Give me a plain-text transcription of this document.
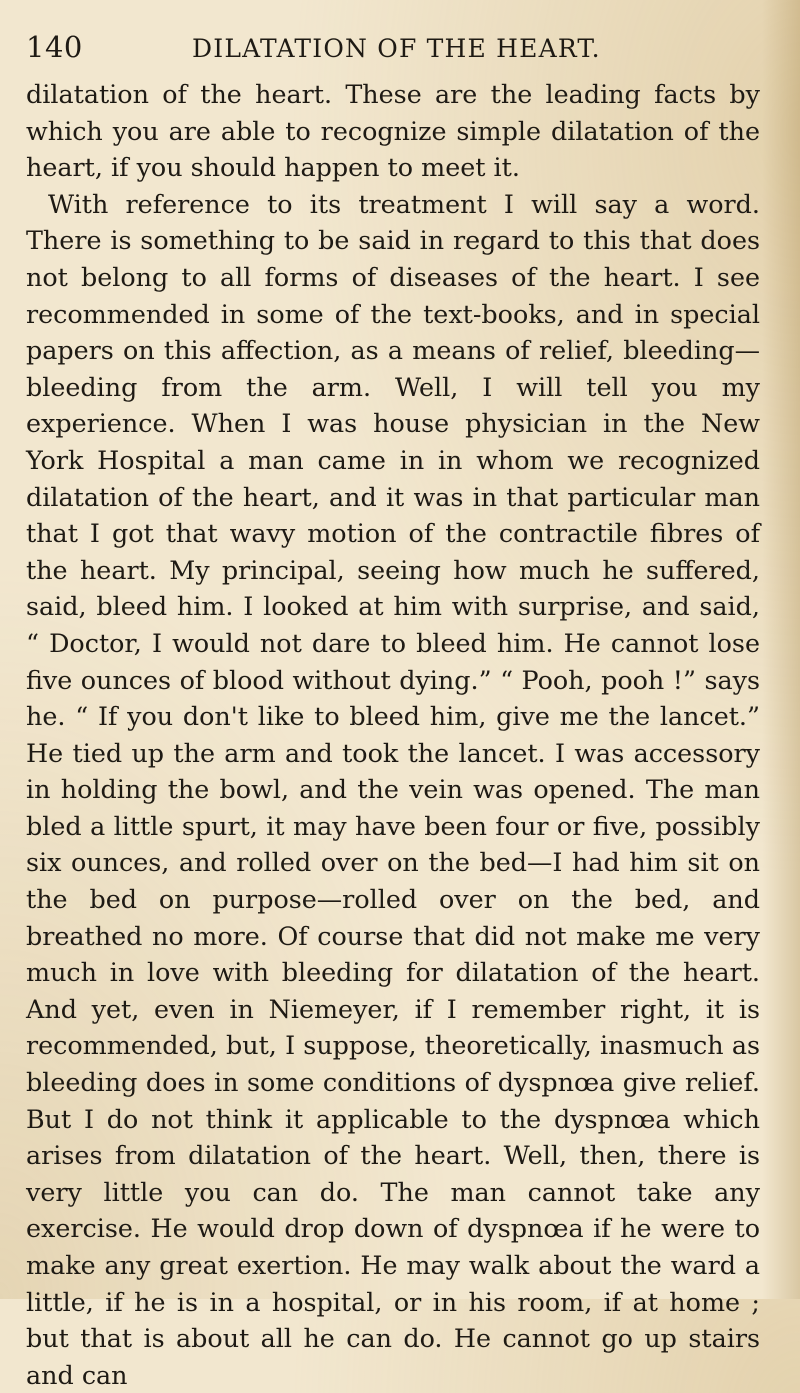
140	DILATATION OF THE HEART.

dilatation of the heart. These are the leading facts by which you are able to recognize simple dilatation of the heart, if you should happen to meet it.

With reference to its treatment I will say a word. There is something to be said in regard to this that does not belong to all forms of diseases of the heart. I see recommended in some of the text-books, and in special papers on this affection, as a means of relief, bleeding—bleeding from the arm. Well, I will tell you my experience. When I was house physician in the New York Hospital a man came in in whom we recognized dilatation of the heart, and it was in that particular man that I got that wavy motion of the contractile fibres of the heart. My principal, seeing how much he suffered, said, bleed him. I looked at him with surprise, and said, “ Doctor, I would not dare to bleed him. He cannot lose five ounces of blood without dying.” “ Pooh, pooh !” says he. “ If you don't like to bleed him, give me the lancet.” He tied up the arm and took the lancet. I was accessory in holding the bowl, and the vein was opened. The man bled a little spurt, it may have been four or five, possibly six ounces, and rolled over on the bed—I had him sit on the bed on purpose—rolled over on the bed, and breathed no more. Of course that did not make me very much in love with bleeding for dilatation of the heart. And yet, even in Niemeyer, if I remember right, it is recommended, but, I suppose, theoretically, inasmuch as bleeding does in some conditions of dyspnœa give relief. But I do not think it applicable to the dyspnœa which arises from dilatation of the heart. Well, then, there is very little you can do. The man cannot take any exercise. He would drop down of dyspnœa if he were to make any great exertion. He may walk about the ward a little, if he is in a hospital, or in his room, if at home ; but that is about all he can do. He cannot go up stairs and can
